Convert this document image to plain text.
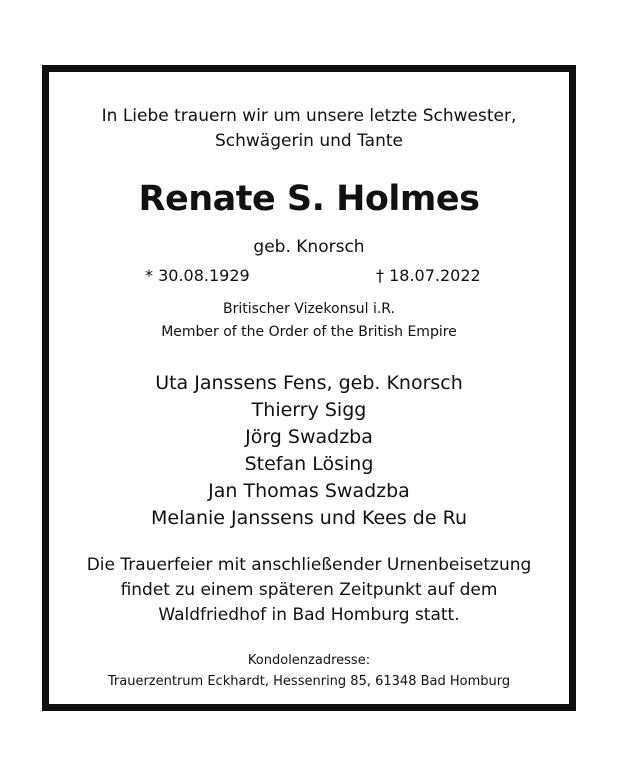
In Liebe trauern wir um unsere letzte Schwester,
Schwägerin und Tante
Renate S. Holmes
geb. Knorsch
* 30.08.1929	† 18.07.2022
Britischer Vizekonsul i.R.
Member of the Order of the British Empire
Uta Janssens Fens, geb. Knorsch
Thierry Sigg
Jörg Swadzba
Stefan Lösing
Jan Thomas Swadzba
Melanie Janssens und Kees de Ru
Die Trauerfeier mit anschließender Urnenbeisetzung
findet zu einem späteren Zeitpunkt auf dem
Waldfriedhof in Bad Homburg statt.
Kondolenzadresse:
Trauerzentrum Eckhardt, Hessenring 85, 61348 Bad Homburg
